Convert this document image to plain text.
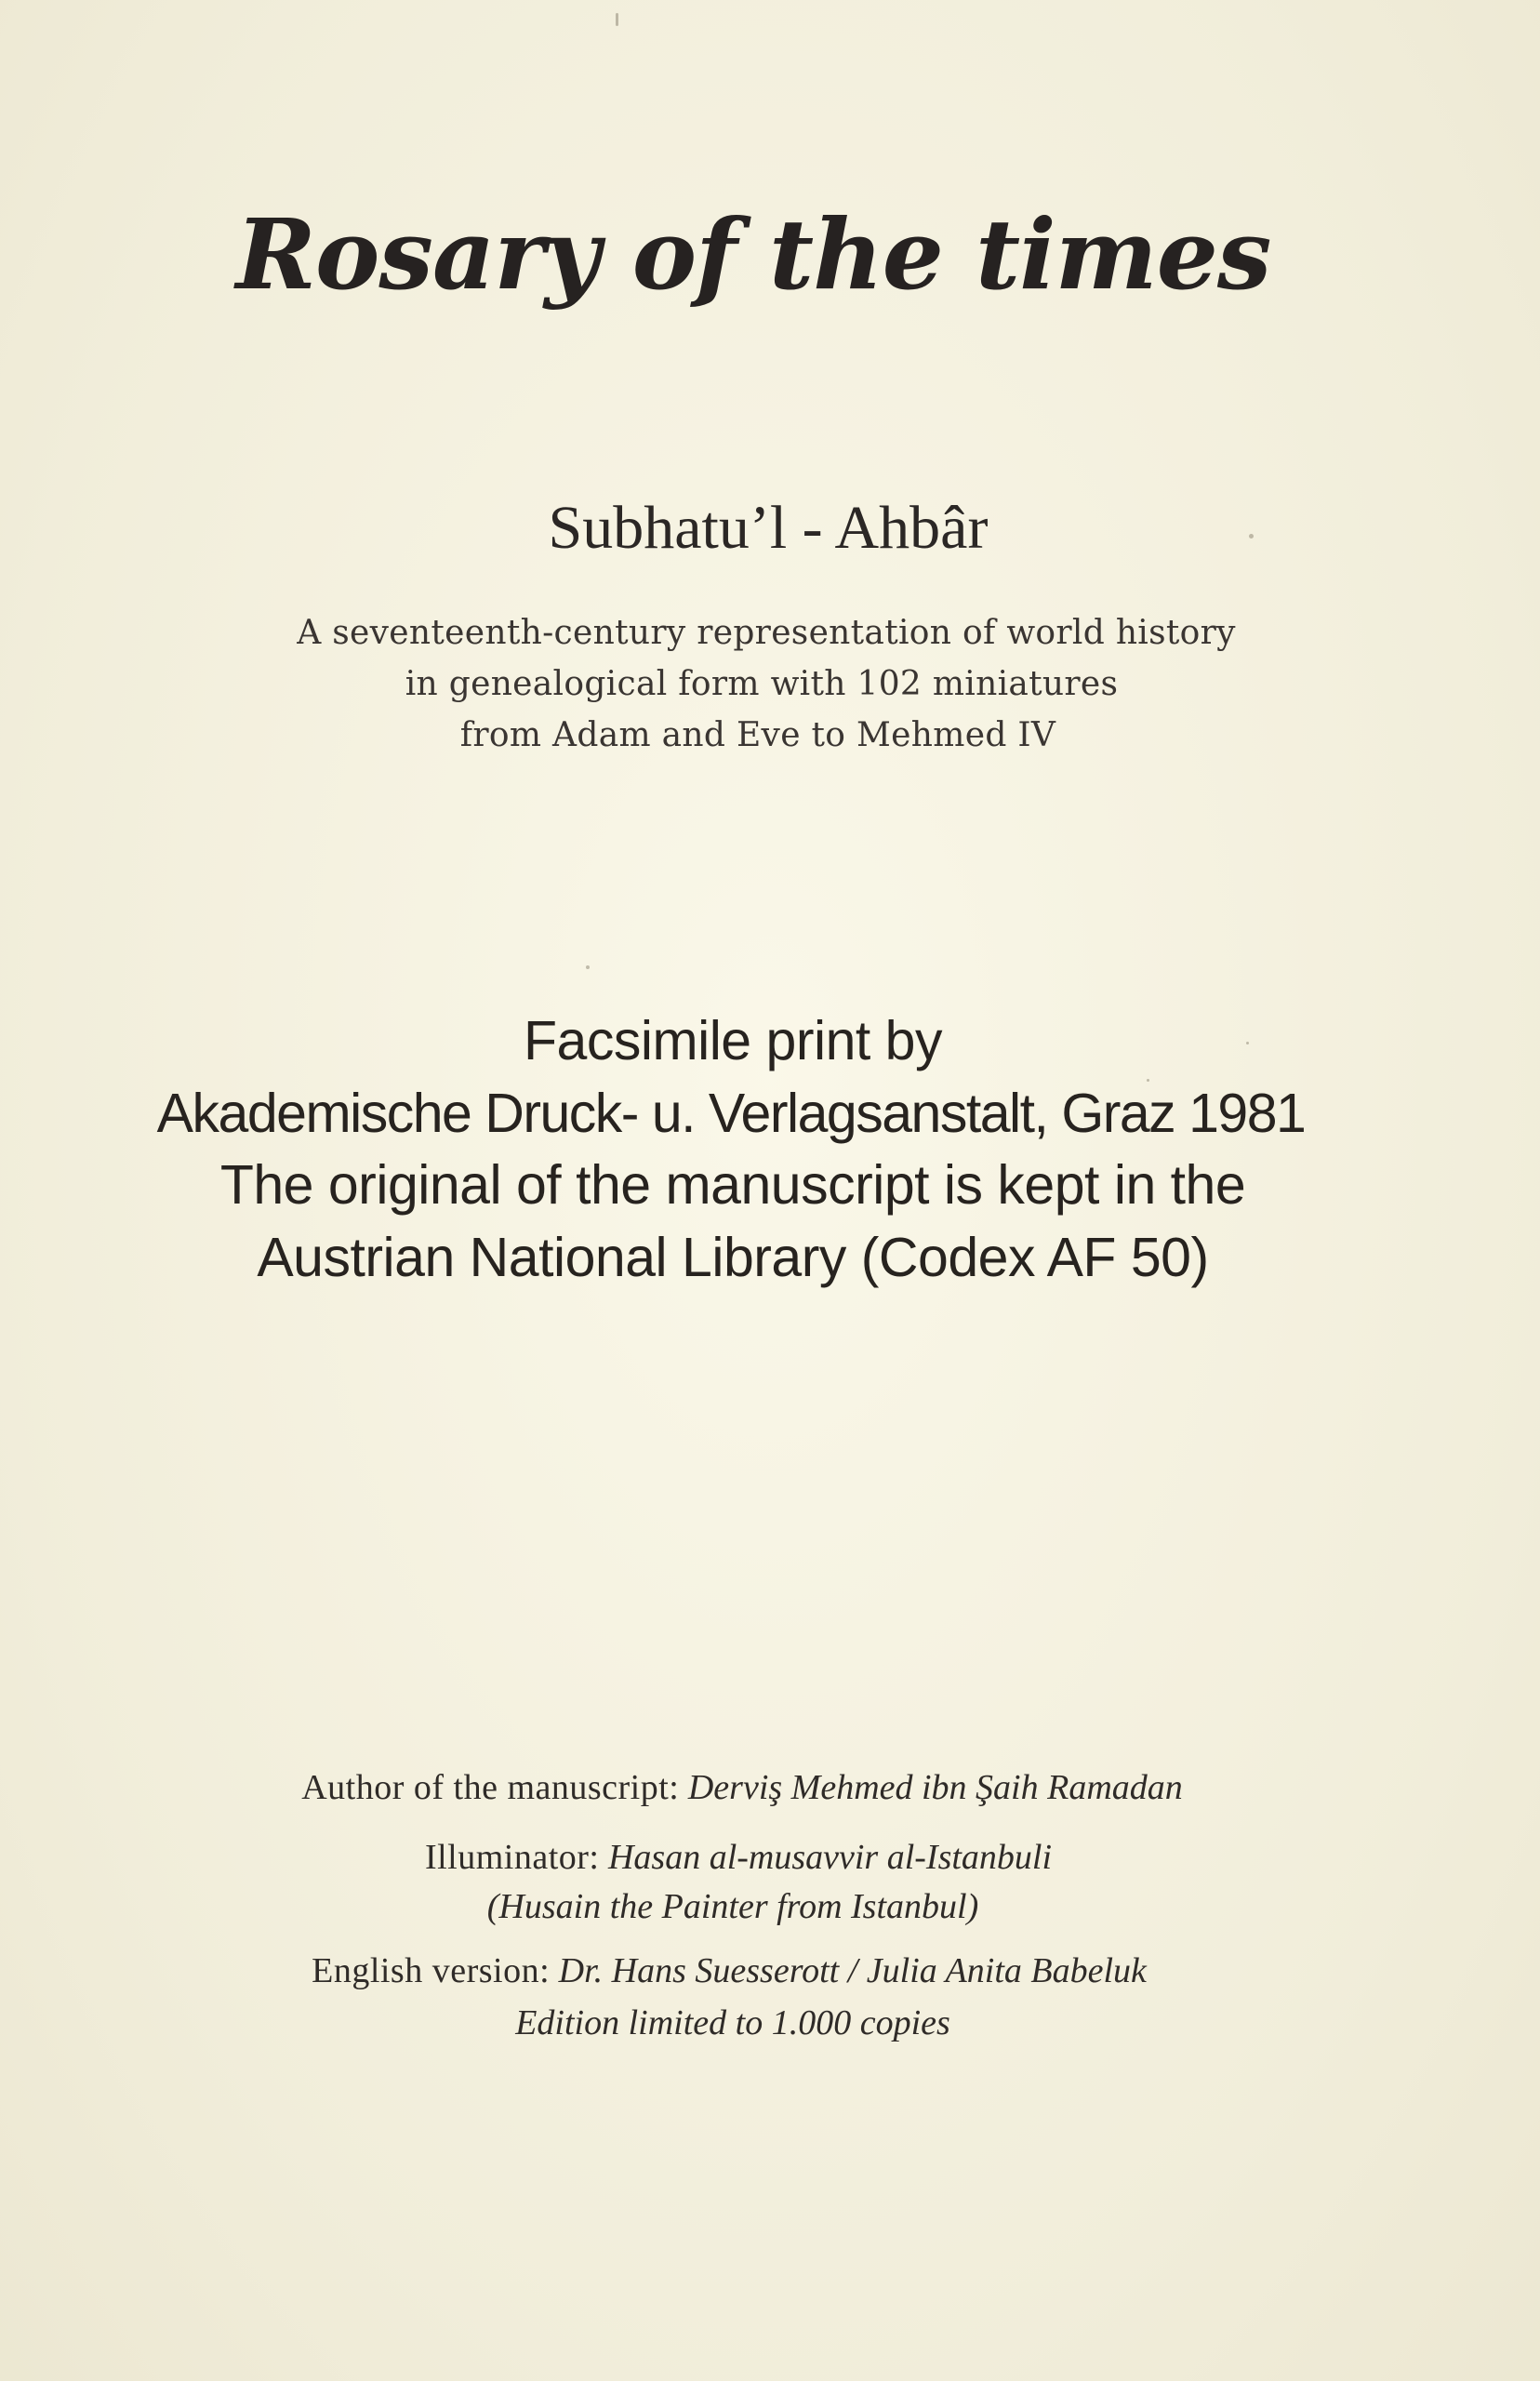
Rosary of the times
Subhatu’l - Ahbâr
A seventeenth-century representation of world history
in genealogical form with 102 miniatures
from Adam and Eve to Mehmed IV
Facsimile print by
Akademische Druck- u. Verlagsanstalt, Graz 1981
The original of the manuscript is kept in the
Austrian National Library (Codex AF 50)
Author of the manuscript: Derviş Mehmed ibn Şaih Ramadan
Illuminator: Hasan al-musavvir al-Istanbuli
(Husain the Painter from Istanbul)
English version: Dr. Hans Suesserott / Julia Anita Babeluk
Edition limited to 1.000 copies
